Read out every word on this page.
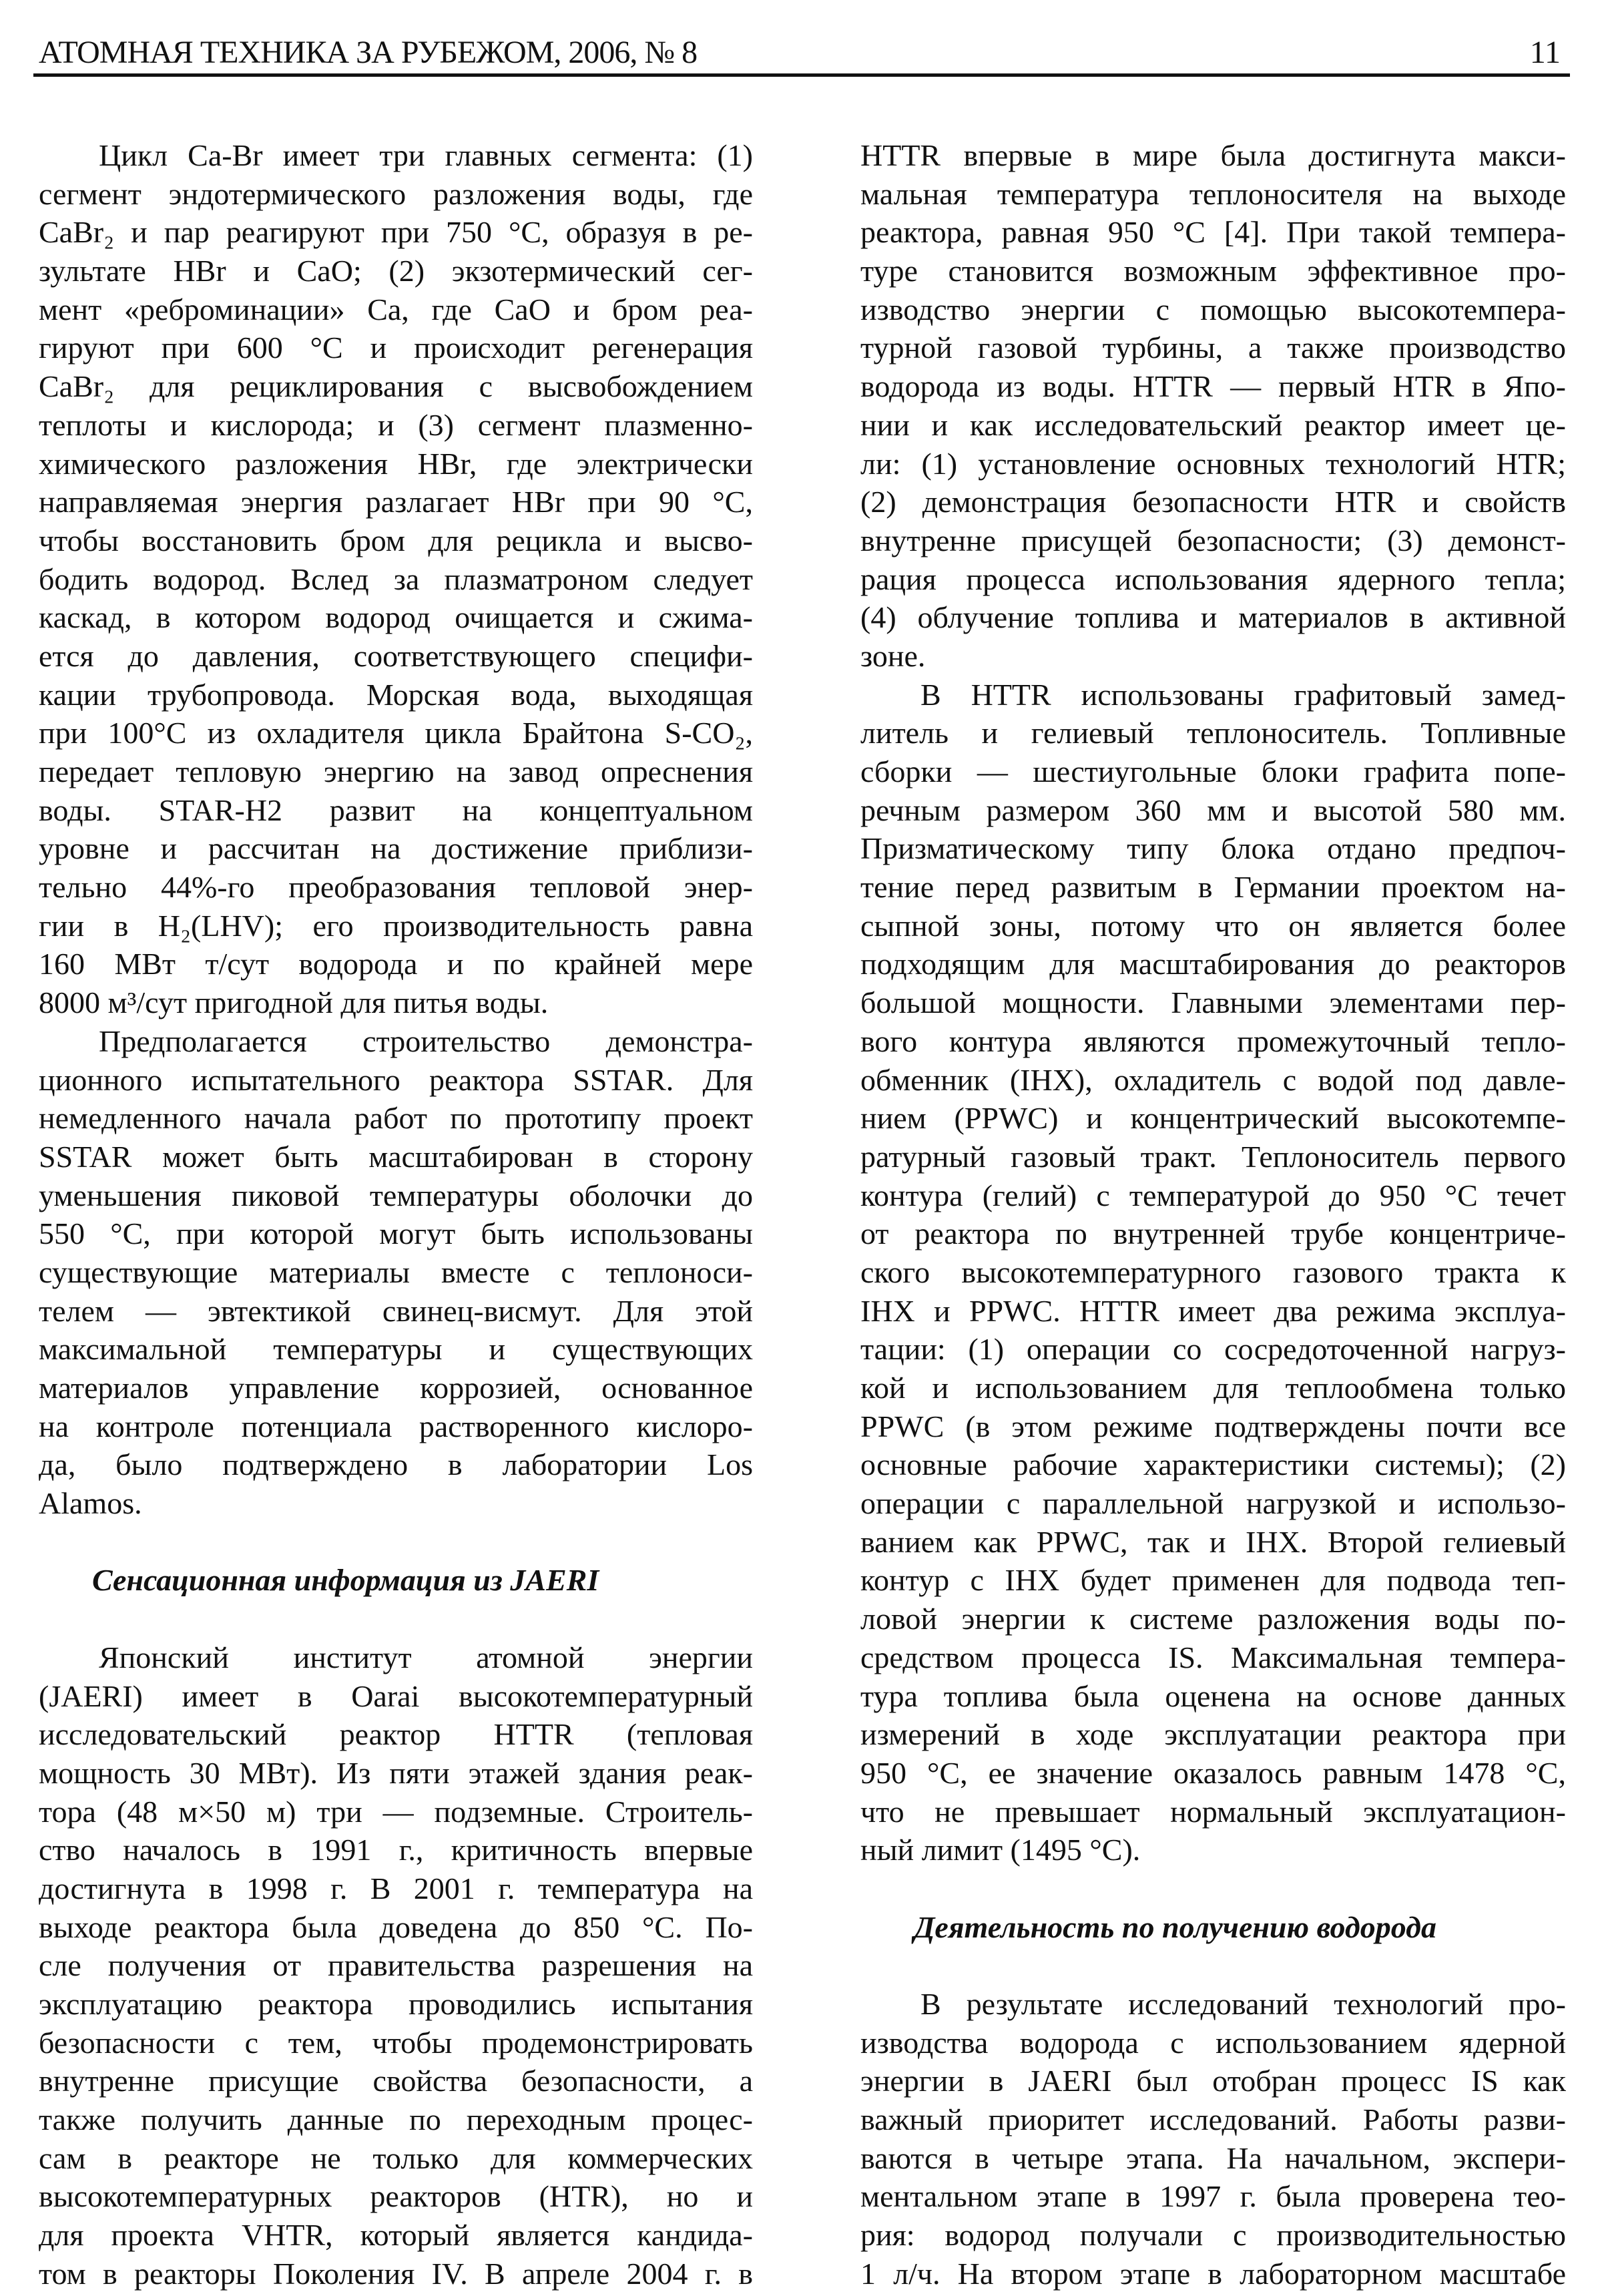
АТОМНАЯ ТЕХНИКА ЗА РУБЕЖОМ, 2006, № 8	11
Цикл Ca-Br имеет три главных сегмента: (1)
сегмент эндотермического разложения воды, где
CaBr₂ и пар реагируют при 750 °C, образуя в ре-
зультате HBr и CaO; (2) экзотермический сег-
мент «реброминации» Ca, где CaO и бром реа-
гируют при 600 °C и происходит регенерация
CaBr₂ для рециклирования с высвобождением
теплоты и кислорода; и (3) сегмент плазменно-
химического разложения HBr, где электрически
направляемая энергия разлагает HBr при 90 °C,
чтобы восстановить бром для рецикла и высво-
бодить водород. Вслед за плазматроном следует
каскад, в котором водород очищается и сжима-
ется до давления, соответствующего специфи-
кации трубопровода. Морская вода, выходящая
при 100°C из охладителя цикла Брайтона S-CO₂,
передает тепловую энергию на завод опреснения
воды. STAR-H2 развит на концептуальном
уровне и рассчитан на достижение приблизи-
тельно 44%-го преобразования тепловой энер-
гии в H₂(LHV); его производительность равна
160 МВт т/сут водорода и по крайней мере
8000 м³/сут пригодной для питья воды.
Предполагается строительство демонстра-
ционного испытательного реактора SSTAR. Для
немедленного начала работ по прототипу проект
SSTAR может быть масштабирован в сторону
уменьшения пиковой температуры оболочки до
550 °C, при которой могут быть использованы
существующие материалы вместе с теплоноси-
телем — эвтектикой свинец-висмут. Для этой
максимальной температуры и существующих
материалов управление коррозией, основанное
на контроле потенциала растворенного кислоро-
да, было подтверждено в лаборатории Los
Alamos.
Сенсационная информация из JAERI
Японский институт атомной энергии
(JAERI) имеет в Oarai высокотемпературный
исследовательский реактор HTTR (тепловая
мощность 30 МВт). Из пяти этажей здания реак-
тора (48 м×50 м) три — подземные. Строитель-
ство началось в 1991 г., критичность впервые
достигнута в 1998 г. В 2001 г. температура на
выходе реактора была доведена до 850 °C. По-
сле получения от правительства разрешения на
эксплуатацию реактора проводились испытания
безопасности с тем, чтобы продемонстрировать
внутренне присущие свойства безопасности, а
также получить данные по переходным процес-
сам в реакторе не только для коммерческих
высокотемпературных реакторов (HTR), но и
для проекта VHTR, который является кандида-
том в реакторы Поколения IV. В апреле 2004 г. в
HTTR впервые в мире была достигнута макси-
мальная температура теплоносителя на выходе
реактора, равная 950 °C [4]. При такой темпера-
туре становится возможным эффективное про-
изводство энергии с помощью высокотемпера-
турной газовой турбины, а также производство
водорода из воды. HTTR — первый HTR в Япо-
нии и как исследовательский реактор имеет це-
ли: (1) установление основных технологий HTR;
(2) демонстрация безопасности HTR и свойств
внутренне присущей безопасности; (3) демонст-
рация процесса использования ядерного тепла;
(4) облучение топлива и материалов в активной
зоне.
В HTTR использованы графитовый замед-
литель и гелиевый теплоноситель. Топливные
сборки — шестиугольные блоки графита попе-
речным размером 360 мм и высотой 580 мм.
Призматическому типу блока отдано предпоч-
тение перед развитым в Германии проектом на-
сыпной зоны, потому что он является более
подходящим для масштабирования до реакторов
большой мощности. Главными элементами пер-
вого контура являются промежуточный тепло-
обменник (IHX), охладитель с водой под давле-
нием (PPWC) и концентрический высокотемпе-
ратурный газовый тракт. Теплоноситель первого
контура (гелий) с температурой до 950 °C течет
от реактора по внутренней трубе концентриче-
ского высокотемпературного газового тракта к
IHX и PPWC. HTTR имеет два режима эксплуа-
тации: (1) операции со сосредоточенной нагруз-
кой и использованием для теплообмена только
PPWC (в этом режиме подтверждены почти все
основные рабочие характеристики системы); (2)
операции с параллельной нагрузкой и использо-
ванием как PPWC, так и IHX. Второй гелиевый
контур с IHX будет применен для подвода теп-
ловой энергии к системе разложения воды по-
средством процесса IS. Максимальная темпера-
тура топлива была оценена на основе данных
измерений в ходе эксплуатации реактора при
950 °C, ее значение оказалось равным 1478 °C,
что не превышает нормальный эксплуатацион-
ный лимит (1495 °C).
Деятельность по получению водорода
В результате исследований технологий про-
изводства водорода с использованием ядерной
энергии в JAERI был отобран процесс IS как
важный приоритет исследований. Работы разви-
ваются в четыре этапа. На начальном, экспери-
ментальном этапе в 1997 г. была проверена тео-
рия: водород получали с производительностью
1 л/ч. На втором этапе в лабораторном масштабе
